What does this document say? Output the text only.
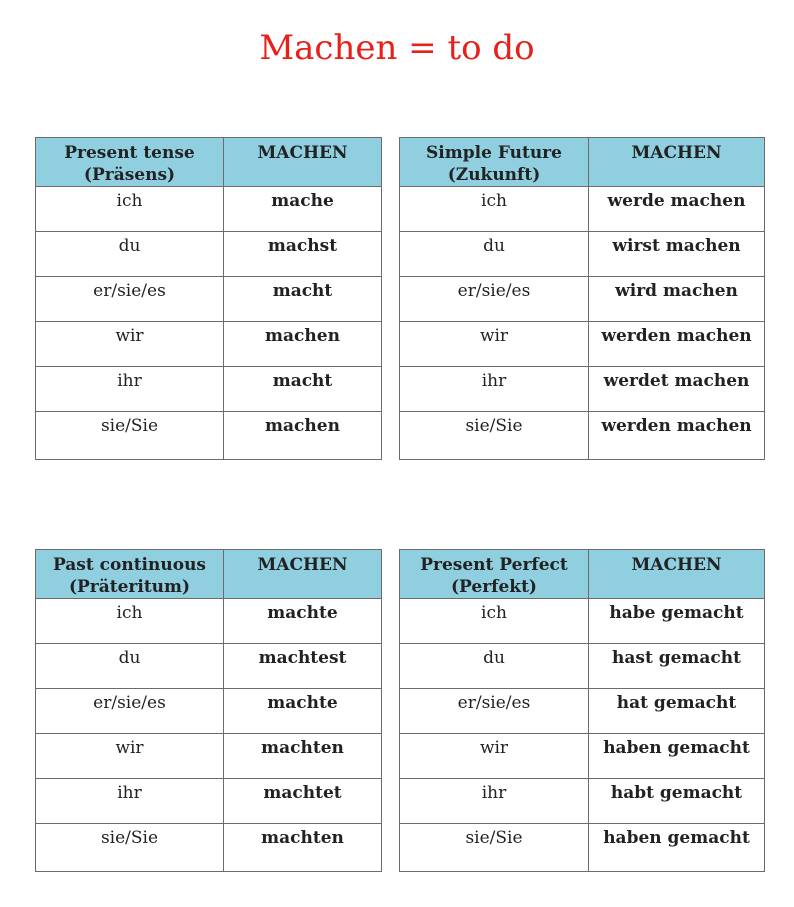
Machen = to do
Present tense
(Präsens)	MACHEN
ich	mache
du	machst
er/sie/es	macht
wir	machen
ihr	macht
sie/Sie	machen
Simple Future
(Zukunft)	MACHEN
ich	werde machen
du	wirst machen
er/sie/es	wird machen
wir	werden machen
ihr	werdet machen
sie/Sie	werden machen
Past continuous
(Präteritum)	MACHEN
ich	machte
du	machtest
er/sie/es	machte
wir	machten
ihr	machtet
sie/Sie	machten
Present Perfect
(Perfekt)	MACHEN
ich	habe gemacht
du	hast gemacht
er/sie/es	hat gemacht
wir	haben gemacht
ihr	habt gemacht
sie/Sie	haben gemacht
